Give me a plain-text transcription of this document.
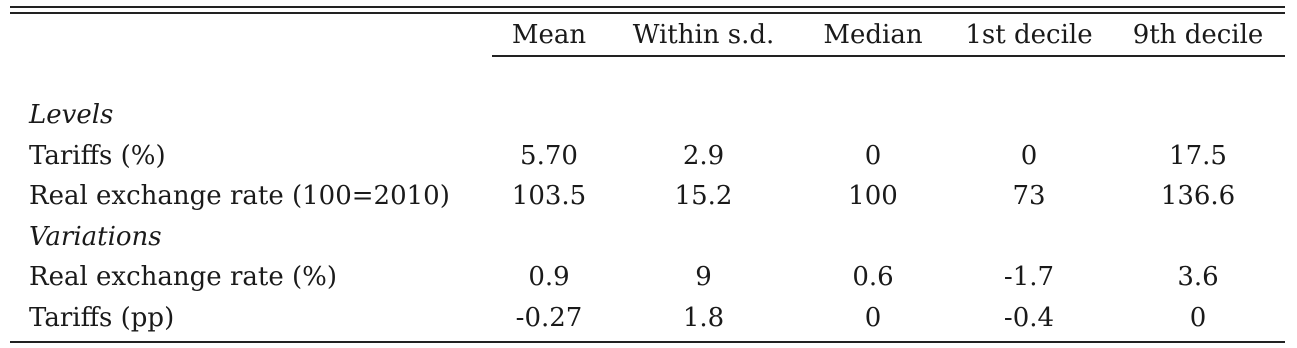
Mean	Within s.d.	Median	1st decile	9th decile
Levels
Tariffs (%)	5.70	2.9	0	0	17.5
Real exchange rate (100=2010)	103.5	15.2	100	73	136.6
Variations
Real exchange rate (%)	0.9	9	0.6	-1.7	3.6
Tariffs (pp)	-0.27	1.8	0	-0.4	0
